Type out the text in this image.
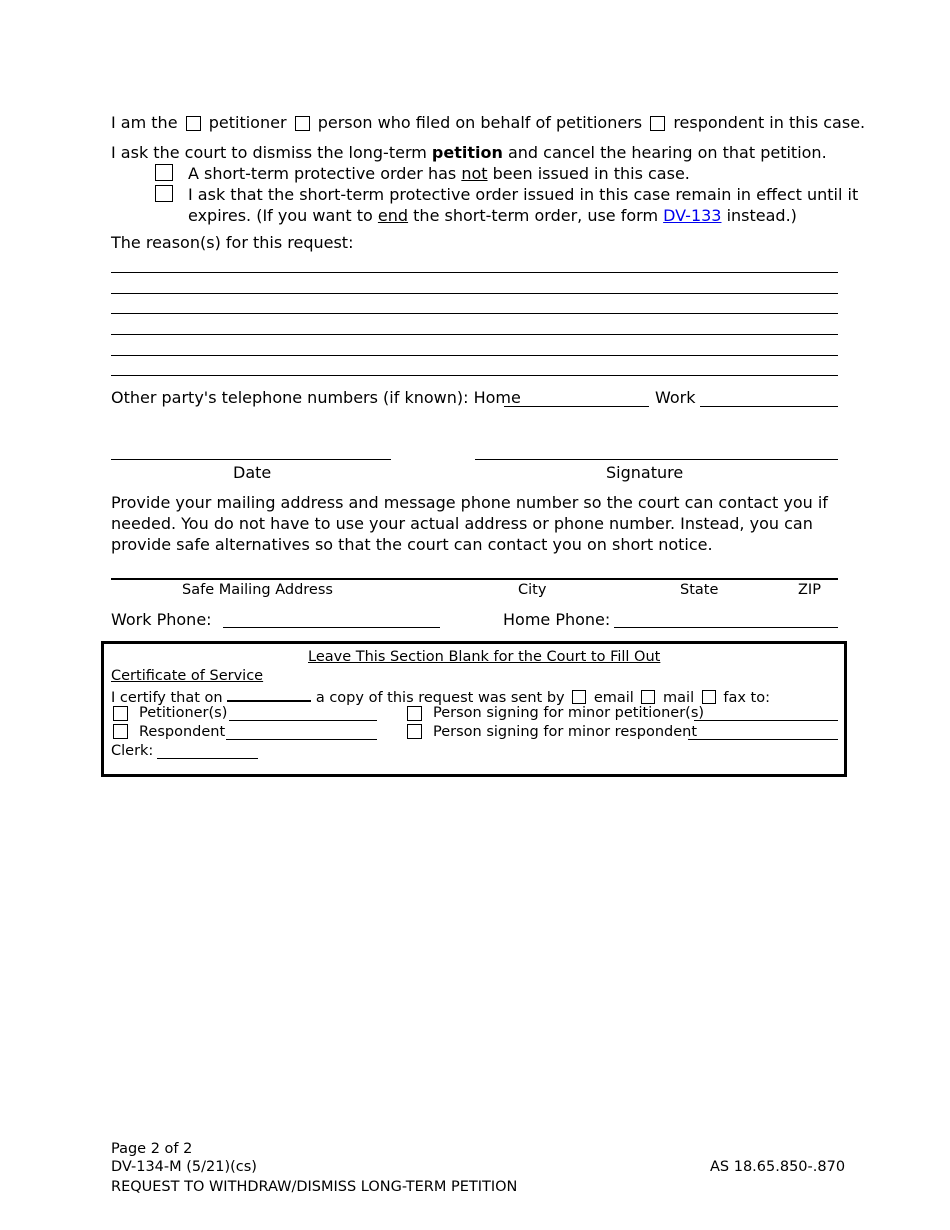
I am the petitioner person who filed on behalf of petitioners respondent in this case.
I ask the court to dismiss the long-term petition and cancel the hearing on that petition.
A short-term protective order has not been issued in this case.
I ask that the short-term protective order issued in this case remain in effect until it
expires. (If you want to end the short-term order, use form DV-133 instead.)
The reason(s) for this request:
Other party's telephone numbers (if known): Home	Work
Date	Signature
Provide your mailing address and message phone number so the court can contact you if
needed. You do not have to use your actual address or phone number. Instead, you can
provide safe alternatives so that the court can contact you on short notice.
Safe Mailing Address	City	State	ZIP
Work Phone:	Home Phone:
Leave This Section Blank for the Court to Fill Out
Certificate of Service
I certify that on	a copy of this request was sent by email mail fax to:
Petitioner(s)	Person signing for minor petitioner(s)
Respondent	Person signing for minor respondent
Clerk:
Page 2 of 2
DV-134-M (5/21)(cs)
REQUEST TO WITHDRAW/DISMISS LONG-TERM PETITION
AS 18.65.850-.870
